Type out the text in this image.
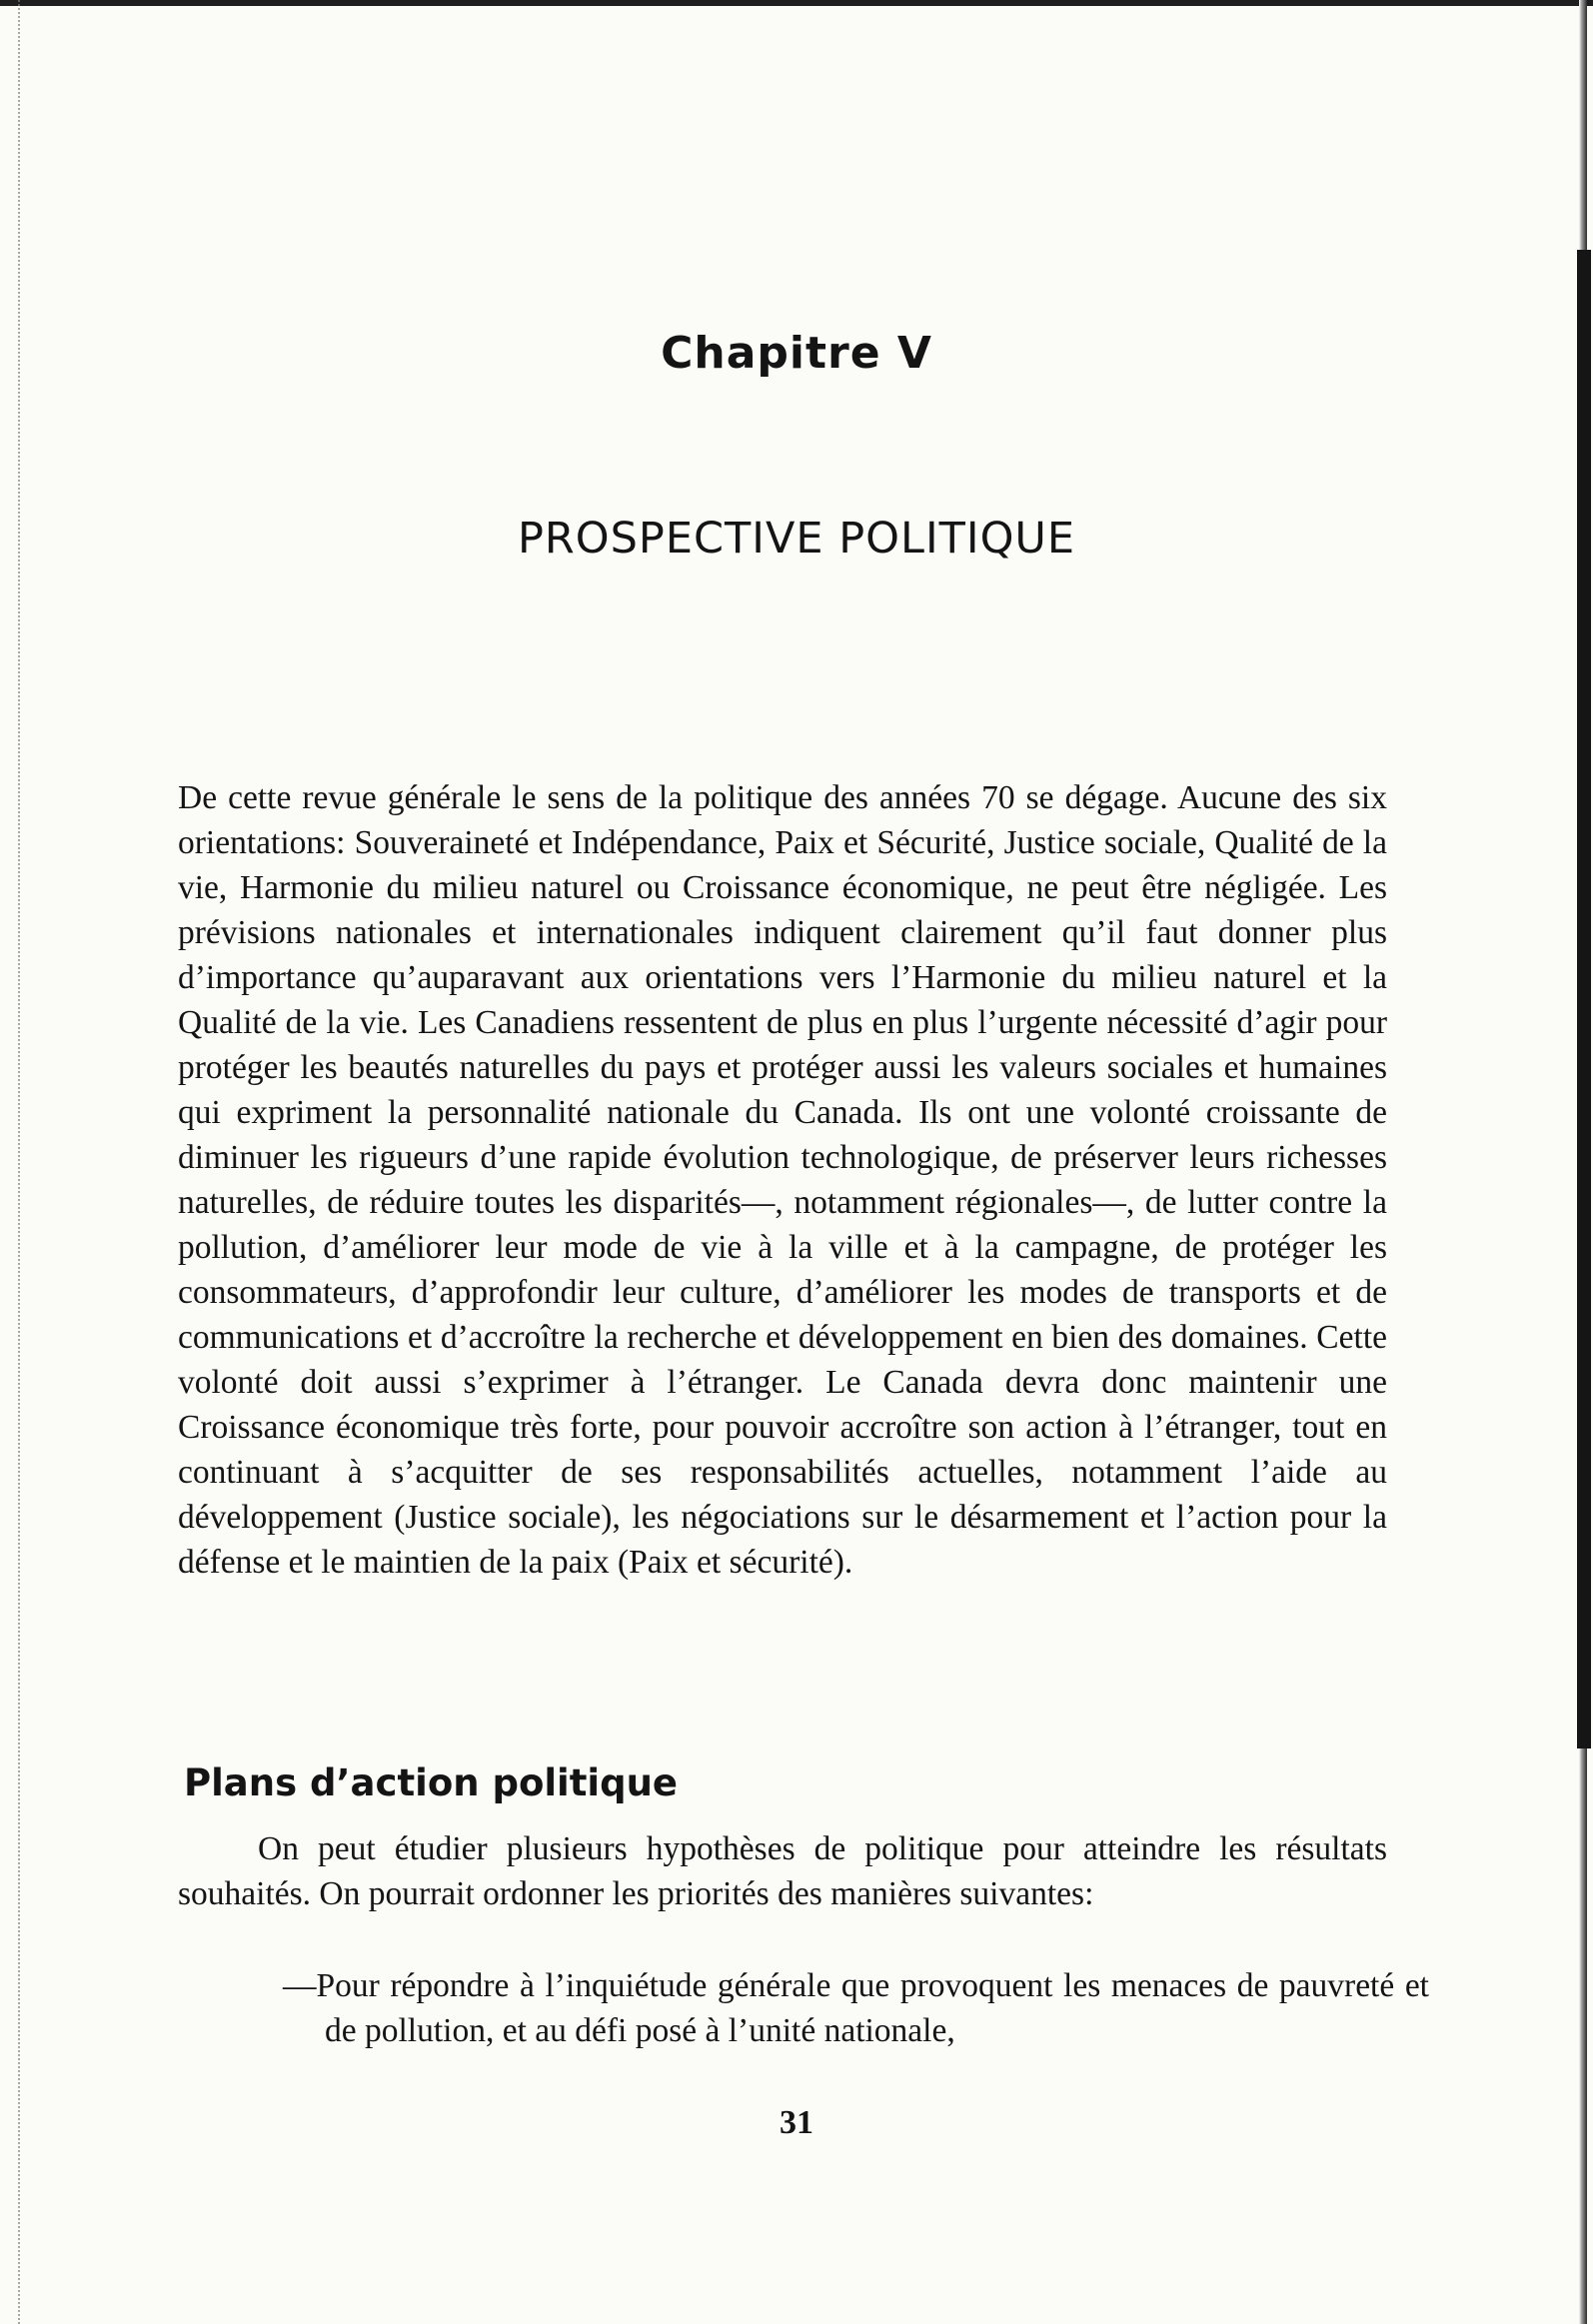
Chapitre V
PROSPECTIVE POLITIQUE

De cette revue générale le sens de la politique des années 70 se dégage. Aucune des six orientations: Souveraineté et Indépendance, Paix et Sécurité, Justice sociale, Qualité de la vie, Harmonie du milieu naturel ou Croissance économique, ne peut être négligée. Les prévisions nationales et internationales indiquent clairement qu’il faut donner plus d’importance qu’auparavant aux orientations vers l’Harmonie du milieu naturel et la Qualité de la vie. Les Canadiens ressentent de plus en plus l’urgente nécessité d’agir pour protéger les beautés naturelles du pays et protéger aussi les valeurs sociales et humaines qui expriment la personnalité nationale du Canada. Ils ont une volonté croissante de diminuer les rigueurs d’une rapide évolution technologique, de préserver leurs richesses naturelles, de réduire toutes les disparités—, notamment régionales—, de lutter contre la pollution, d’améliorer leur mode de vie à la ville et à la campagne, de protéger les consommateurs, d’approfondir leur culture, d’améliorer les modes de transports et de communications et d’accroître la recherche et développement en bien des domaines. Cette volonté doit aussi s’exprimer à l’étranger. Le Canada devra donc maintenir une Croissance économique très forte, pour pouvoir accroître son action à l’étranger, tout en continuant à s’acquitter de ses responsabilités actuelles, notamment l’aide au développement (Justice sociale), les négociations sur le désarmement et l’action pour la défense et le maintien de la paix (Paix et sécurité).

Plans d’action politique

On peut étudier plusieurs hypothèses de politique pour atteindre les résultats souhaités. On pourrait ordonner les priorités des manières suivantes:

—Pour répondre à l’inquiétude générale que provoquent les menaces de pauvreté et de pollution, et au défi posé à l’unité nationale,

31
